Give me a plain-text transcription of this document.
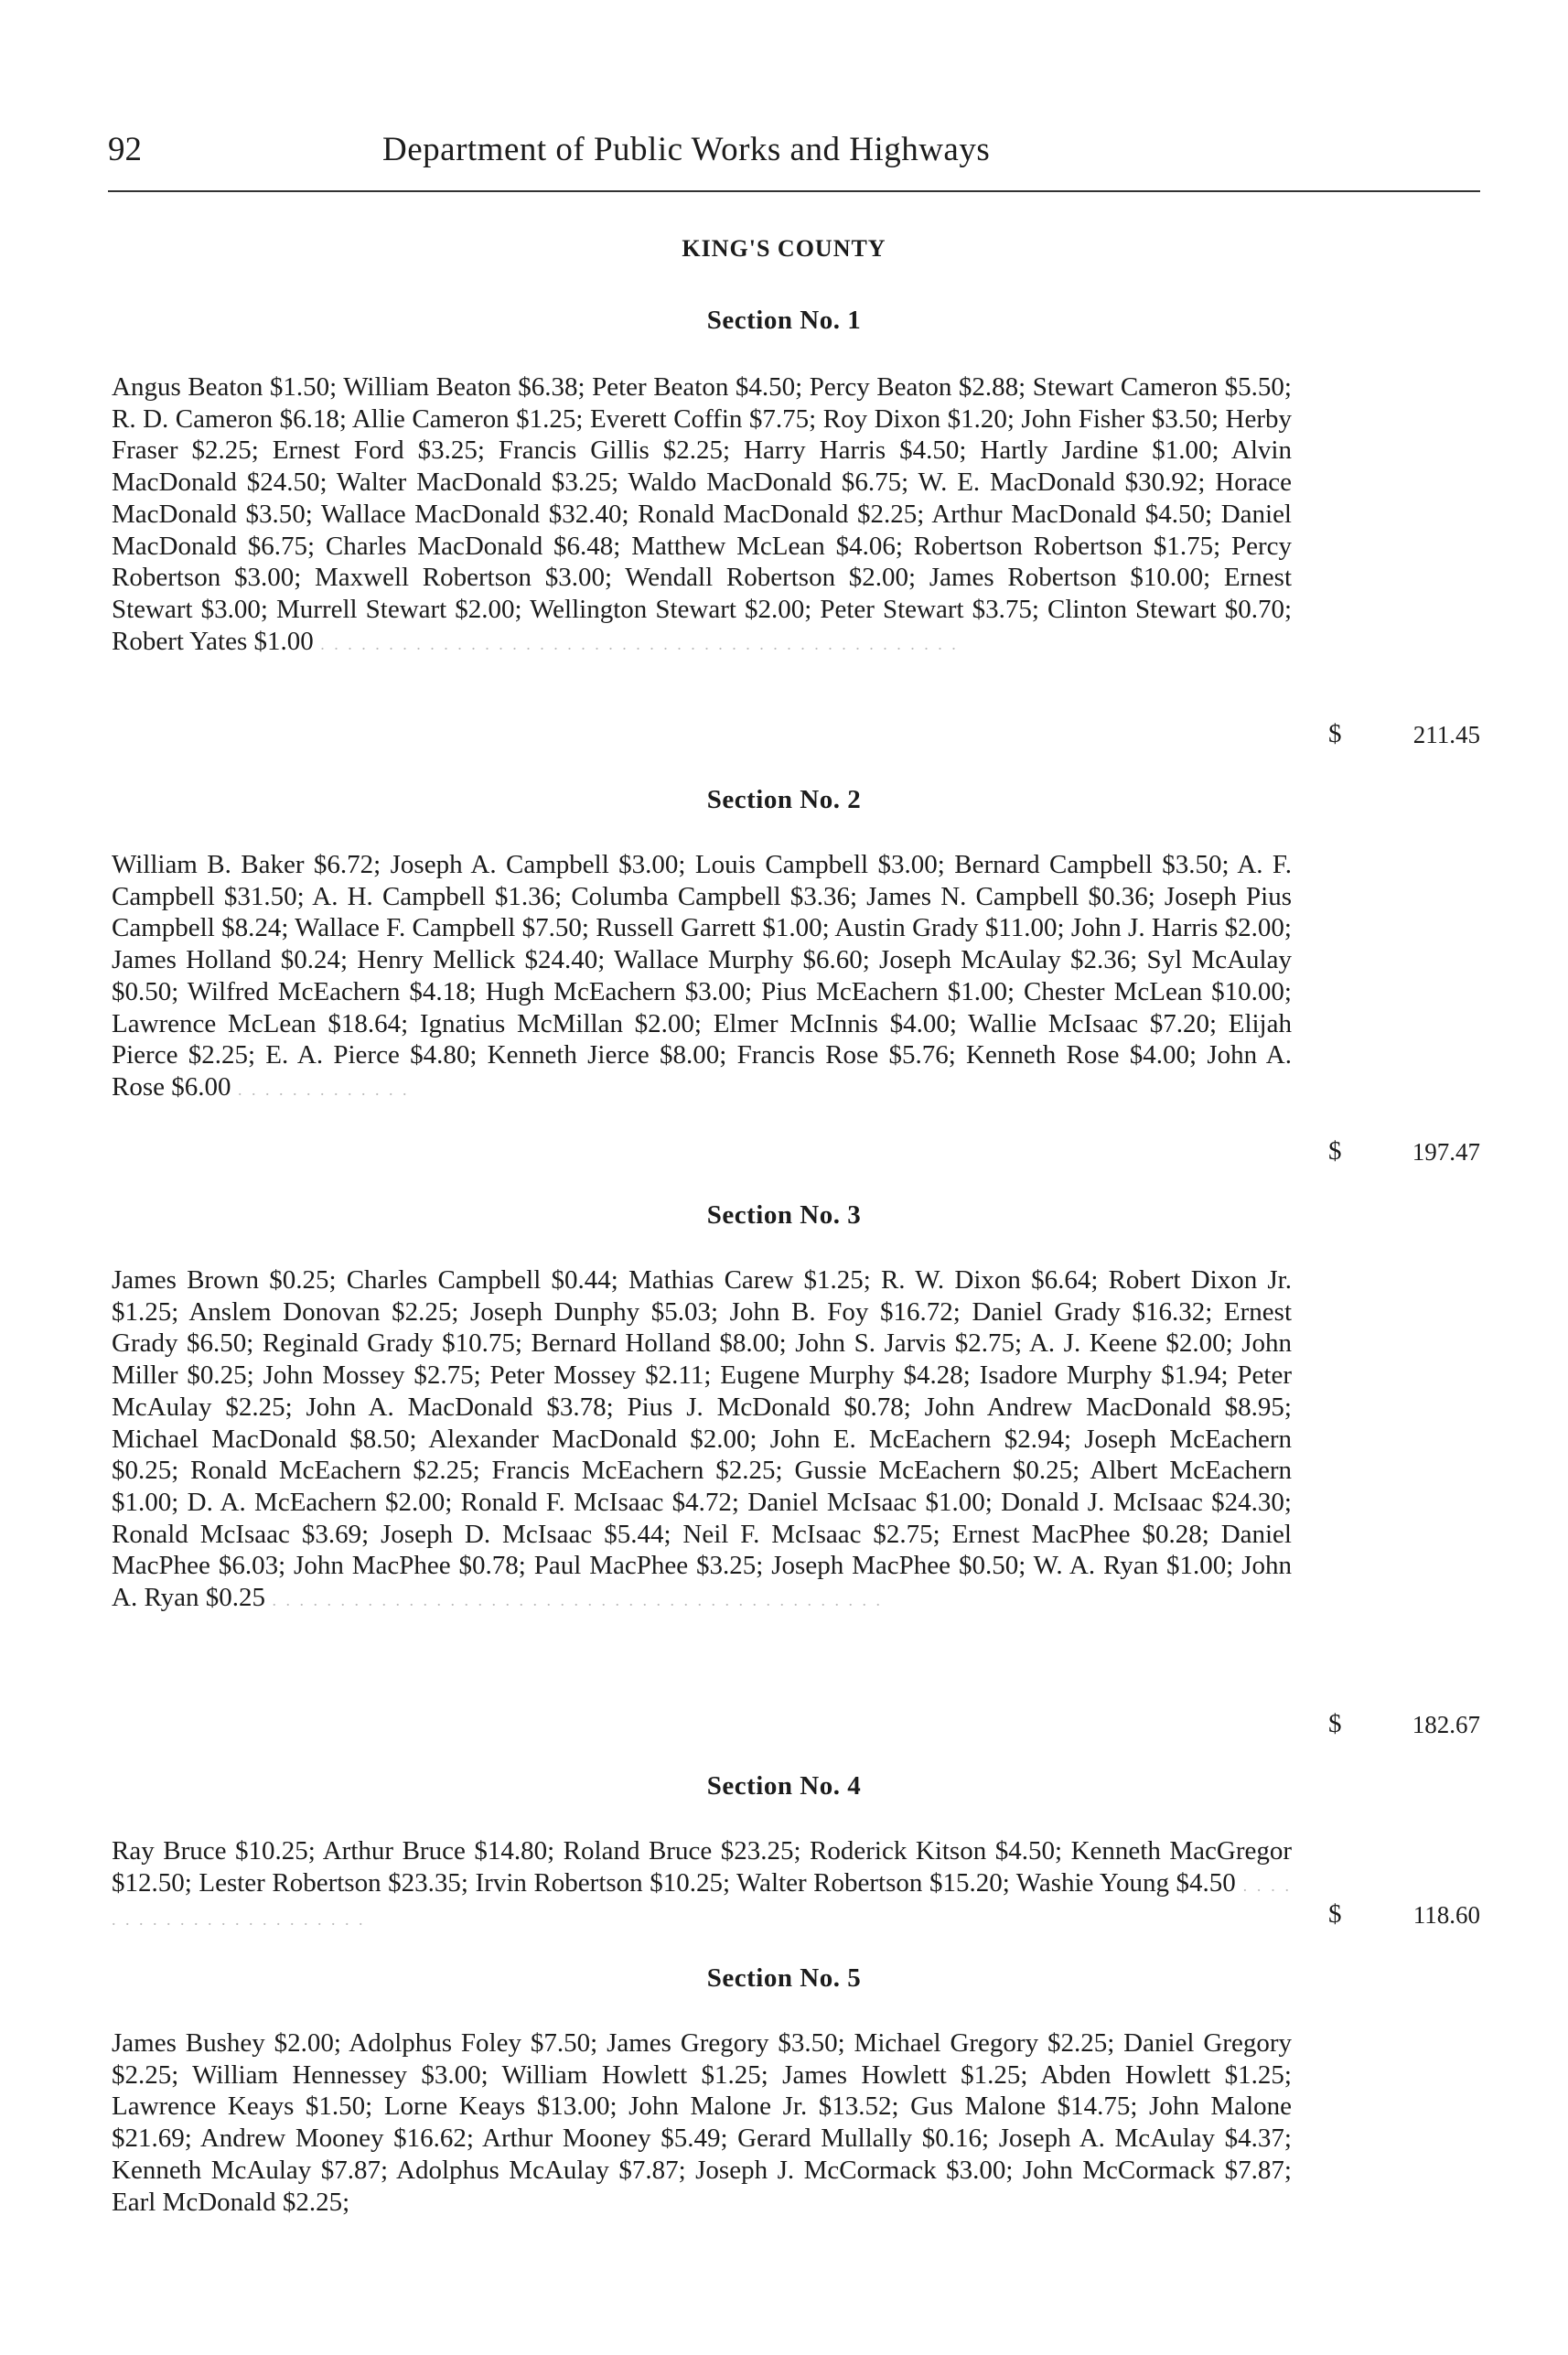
92	Department of Public Works and Highways
KING'S COUNTY
Section No. 1

Angus Beaton $1.50; William Beaton $6.38; Peter Beaton $4.50; Percy Beaton $2.88; Stewart Cameron $5.50; R. D. Cameron $6.18; Allie Cameron $1.25; Everett Coffin $7.75; Roy Dixon $1.20; John Fisher $3.50; Herby Fraser $2.25; Ernest Ford $3.25; Francis Gillis $2.25; Harry Harris $4.50; Hartly Jardine $1.00; Alvin MacDonald $24.50; Walter MacDonald $3.25; Waldo MacDonald $6.75; W. E. MacDonald $30.92; Horace MacDonald $3.50; Wallace MacDonald $32.40; Ronald MacDonald $2.25; Arthur MacDonald $4.50; Daniel MacDonald $6.75; Charles MacDonald $6.48; Matthew McLean $4.06; Robertson Robertson $1.75; Percy Robertson $3.00; Maxwell Robertson $3.00; Wendall Robertson $2.00; James Robertson $10.00; Ernest Stewart $3.00; Murrell Stewart $2.00; Wellington Stewart $2.00; Peter Stewart $3.75; Clinton Stewart $0.70; Robert Yates $1.00 . . . . . . . . . . . . . . . . . . . . . . . . . . . . . . . . . . . . . . . . . . . . . . .

$	211.45
Section No. 2

William B. Baker $6.72; Joseph A. Campbell $3.00; Louis Campbell $3.00; Bernard Campbell $3.50; A. F. Campbell $31.50; A. H. Campbell $1.36; Columba Campbell $3.36; James N. Campbell $0.36; Joseph Pius Campbell $8.24; Wallace F. Campbell $7.50; Russell Garrett $1.00; Austin Grady $11.00; John J. Harris $2.00; James Holland $0.24; Henry Mellick $24.40; Wallace Murphy $6.60; Joseph McAulay $2.36; Syl McAulay $0.50; Wilfred McEachern $4.18; Hugh McEachern $3.00; Pius McEachern $1.00; Chester McLean $10.00; Lawrence McLean $18.64; Ignatius McMillan $2.00; Elmer McInnis $4.00; Wallie McIsaac $7.20; Elijah Pierce $2.25; E. A. Pierce $4.80; Kenneth Jierce $8.00; Francis Rose $5.76; Kenneth Rose $4.00; John A. Rose $6.00 . . . . . . . . . . . . .

$	197.47
Section No. 3

James Brown $0.25; Charles Campbell $0.44; Mathias Carew $1.25; R. W. Dixon $6.64; Robert Dixon Jr. $1.25; Anslem Donovan $2.25; Joseph Dunphy $5.03; John B. Foy $16.72; Daniel Grady $16.32; Ernest Grady $6.50; Reginald Grady $10.75; Bernard Holland $8.00; John S. Jarvis $2.75; A. J. Keene $2.00; John Miller $0.25; John Mossey $2.75; Peter Mossey $2.11; Eugene Murphy $4.28; Isadore Murphy $1.94; Peter McAulay $2.25; John A. MacDonald $3.78; Pius J. McDonald $0.78; John Andrew MacDonald $8.95; Michael MacDonald $8.50; Alexander MacDonald $2.00; John E. McEachern $2.94; Joseph McEachern $0.25; Ronald McEachern $2.25; Francis McEachern $2.25; Gussie McEachern $0.25; Albert McEachern $1.00; D. A. McEachern $2.00; Ronald F. McIsaac $4.72; Daniel McIsaac $1.00; Donald J. McIsaac $24.30; Ronald McIsaac $3.69; Joseph D. McIsaac $5.44; Neil F. McIsaac $2.75; Ernest MacPhee $0.28; Daniel MacPhee $6.03; John MacPhee $0.78; Paul MacPhee $3.25; Joseph MacPhee $0.50; W. A. Ryan $1.00; John A. Ryan $0.25 . . . . . . . . . . . . . . . . . . . . . . . . . . . . . . . . . . . . . . . . . . . . .

$	182.67
Section No. 4

Ray Bruce $10.25; Arthur Bruce $14.80; Roland Bruce $23.25; Roderick Kitson $4.50; Kenneth MacGregor $12.50; Lester Robertson $23.35; Irvin Robertson $10.25; Walter Robertson $15.20; Washie Young $4.50 . . . . . . . . . . . . . . . . . . . . . . .	$	118.60
Section No. 5

James Bushey $2.00; Adolphus Foley $7.50; James Gregory $3.50; Michael Gregory $2.25; Daniel Gregory $2.25; William Hennessey $3.00; William Howlett $1.25; James Howlett $1.25; Abden Howlett $1.25; Lawrence Keays $1.50; Lorne Keays $13.00; John Malone Jr. $13.52; Gus Malone $14.75; John Malone $21.69; Andrew Mooney $16.62; Arthur Mooney $5.49; Gerard Mullally $0.16; Joseph A. McAulay $4.37; Kenneth McAulay $7.87; Adolphus McAulay $7.87; Joseph J. McCormack $3.00; John McCormack $7.87; Earl McDonald $2.25;
